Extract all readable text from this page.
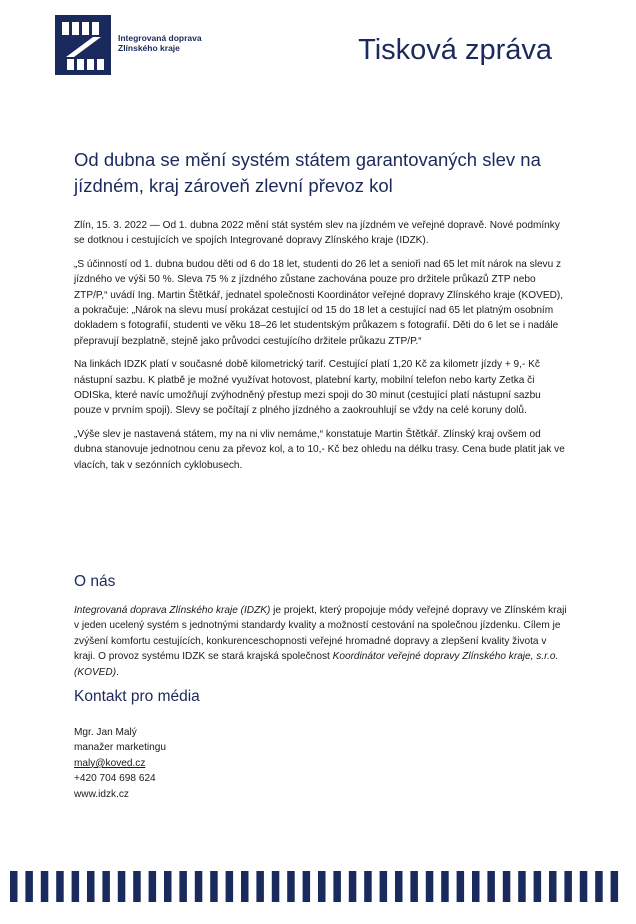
Integrovaná doprava
Zlínského kraje	Tisková zpráva
Od dubna se mění systém státem garantovaných slev na jízdném, kraj zároveň zlevní převoz kol

Zlín, 15. 3. 2022 — Od 1. dubna 2022 mění stát systém slev na jízdném ve veřejné dopravě. Nové podmínky se dotknou i cestujících ve spojích Integrované dopravy Zlínského kraje (IDZK).

„S účinností od 1. dubna budou děti od 6 do 18 let, studenti do 26 let a senioři nad 65 let mít nárok na slevu z jízdného ve výši 50 %. Sleva 75 % z jízdného zůstane zachována pouze pro držitele průkazů ZTP nebo ZTP/P,“ uvádí Ing. Martin Štětkář, jednatel společnosti Koordinátor veřejné dopravy Zlínského kraje (KOVED), a pokračuje: „Nárok na slevu musí prokázat cestující od 15 do 18 let a cestující nad 65 let platným osobním dokladem s fotografií, studenti ve věku 18–26 let studentským průkazem s fotografií. Děti do 6 let se i nadále přepravují bezplatně, stejně jako průvodci cestujícího držitele průkazu ZTP/P.“

Na linkách IDZK platí v současné době kilometrický tarif. Cestující platí 1,20 Kč za kilometr jízdy + 9,- Kč nástupní sazbu. K platbě je možné využívat hotovost, platební karty, mobilní telefon nebo karty Zetka či ODISka, které navíc umožňují zvýhodněný přestup mezi spoji do 30 minut (cestující platí nástupní sazbu pouze v prvním spoji). Slevy se počítají z plného jízdného a zaokrouhlují se vždy na celé koruny dolů.

„Výše slev je nastavená státem, my na ni vliv nemáme,“ konstatuje Martin Štětkář. Zlínský kraj ovšem od dubna stanovuje jednotnou cenu za převoz kol, a to 10,- Kč bez ohledu na délku trasy. Cena bude platit jak ve vlacích, tak v sezónních cyklobusech.

O nás

Integrovaná doprava Zlínského kraje (IDZK) je projekt, který propojuje módy veřejné dopravy ve Zlínském kraji v jeden ucelený systém s jednotnými standardy kvality a možností cestování na společnou jízdenku. Cílem je zvýšení komfortu cestujících, konkurenceschopnosti veřejné hromadné dopravy a zlepšení kvality života v kraji. O provoz systému IDZK se stará krajská společnost Koordinátor veřejné dopravy Zlínského kraje, s.r.o. (KOVED).

Kontakt pro média
Mgr. Jan Malý
manažer marketingu
maly@koved.cz
+420 704 698 624
www.idzk.cz
